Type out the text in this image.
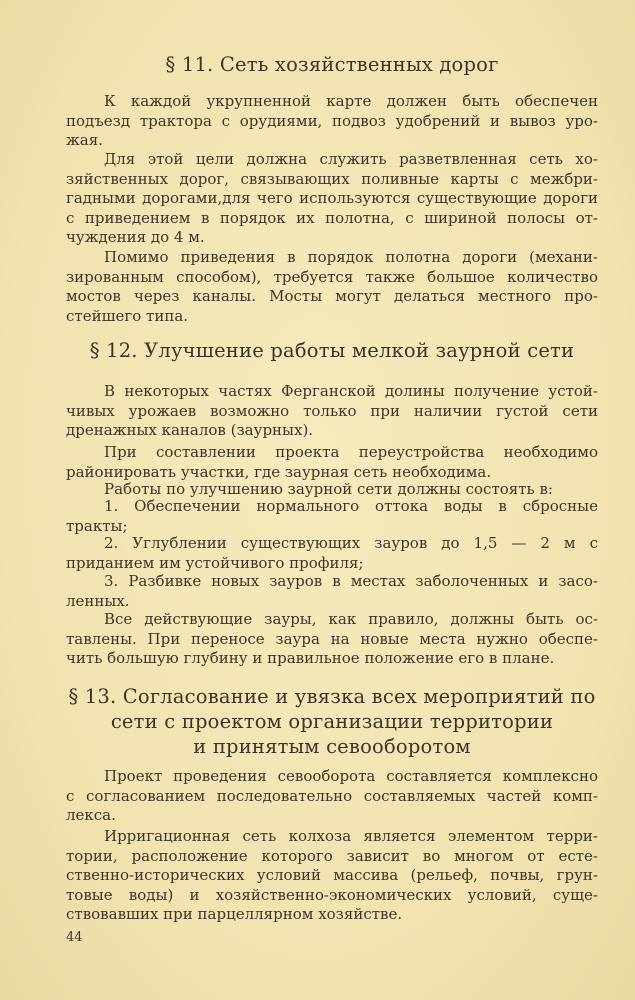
§ 11. Сеть хозяйственных дорог
К каждой укрупненной карте должен быть обеспечен
подъезд трактора с орудиями, подвоз удобрений и вывоз уро-
жая.
Для этой цели должна служить разветвленная сеть хо-
зяйственных дорог, связывающих поливные карты с межбри-
гадными дорогами,для чего используются существующие дороги
с приведением в порядок их полотна, с шириной полосы от-
чуждения до 4 м.
Помимо приведения в порядок полотна дороги (механи-
зированным способом), требуется также большое количество
мостов через каналы. Мосты могут делаться местного про-
стейшего типа.
§ 12. Улучшение работы мелкой заурной сети
В некоторых частях Ферганской долины получение устой-
чивых урожаев возможно только при наличии густой сети
дренажных каналов (заурных).
При составлении проекта переустройства необходимо
районировать участки, где заурная сеть необходима.
Работы по улучшению заурной сети должны состоять в:
1. Обеспечении нормального оттока воды в сбросные
тракты;
2. Углублении существующих зауров до 1,5 — 2 м с
приданием им устойчивого профиля;
3. Разбивке новых зауров в местах заболоченных и засо-
ленных.
Все действующие зауры, как правило, должны быть ос-
тавлены. При переносе заура на новые места нужно обеспе-
чить большую глубину и правильное положение его в плане.
§ 13. Согласование и увязка всех мероприятий по
сети с проектом организации территории
и принятым севооборотом
Проект проведения севооборота составляется комплексно
с согласованием последовательно составляемых частей комп-
лекса.
Ирригационная сеть колхоза является элементом терри-
тории, расположение которого зависит во многом от есте-
ственно-исторических условий массива (рельеф, почвы, грун-
товые воды) и хозяйственно-экономических условий, суще-
ствовавших при парцеллярном хозяйстве.
44
